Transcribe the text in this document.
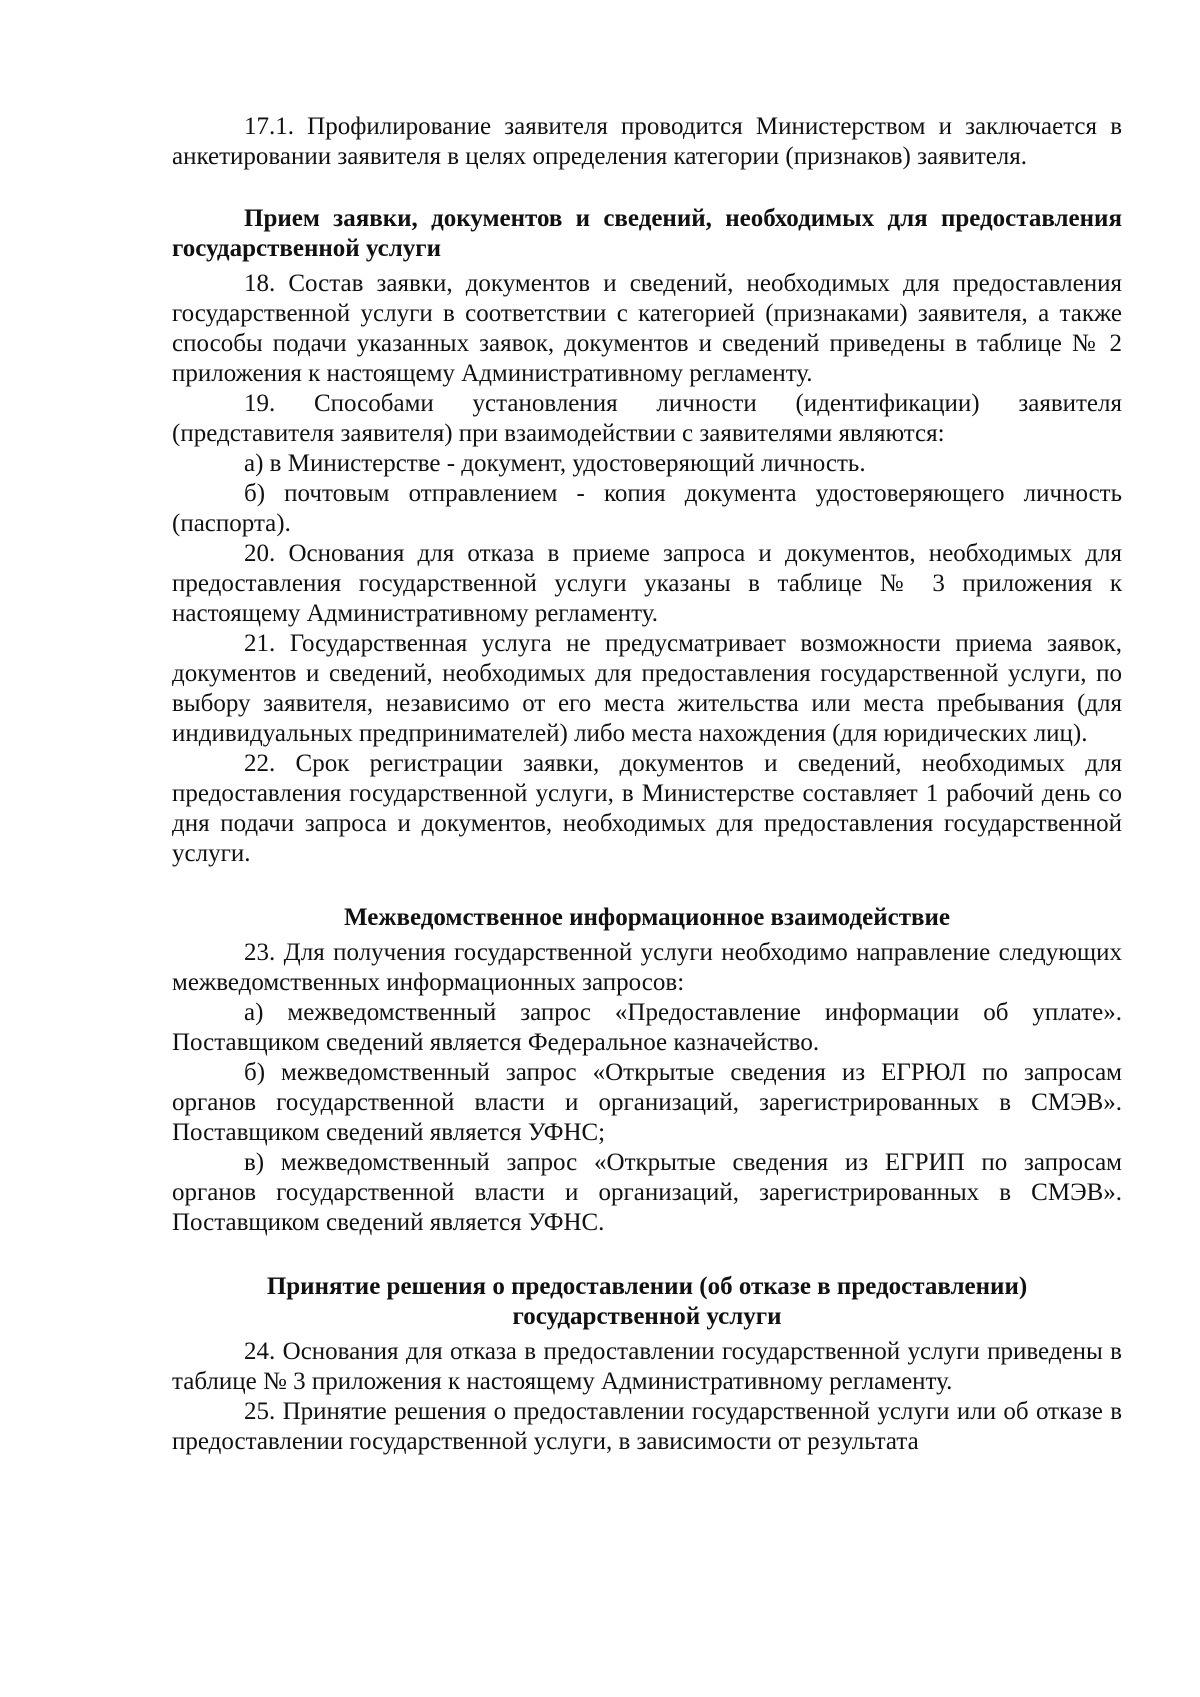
17.1. Профилирование заявителя проводится Министерством и заключается в анкетировании заявителя в целях определения категории (признаков) заявителя.

Прием заявки, документов и сведений, необходимых для предоставления государственной услуги

18. Состав заявки, документов и сведений, необходимых для предоставления государственной услуги в соответствии с категорией (признаками) заявителя, а также способы подачи указанных заявок, документов и сведений приведены в таблице № 2 приложения к настоящему Административному регламенту.

19. Способами установления личности (идентификации) заявителя (представителя заявителя) при взаимодействии с заявителями являются:

а) в Министерстве - документ, удостоверяющий личность.

б) почтовым отправлением - копия документа удостоверяющего личность (паспорта).

20. Основания для отказа в приеме запроса и документов, необходимых для предоставления государственной услуги указаны в таблице № 3 приложения к настоящему Административному регламенту.

21. Государственная услуга не предусматривает возможности приема заявок, документов и сведений, необходимых для предоставления государственной услуги, по выбору заявителя, независимо от его места жительства или места пребывания (для индивидуальных предпринимателей) либо места нахождения (для юридических лиц).

22. Срок регистрации заявки, документов и сведений, необходимых для предоставления государственной услуги, в Министерстве составляет 1 рабочий день со дня подачи запроса и документов, необходимых для предоставления государственной услуги.

Межведомственное информационное взаимодействие

23. Для получения государственной услуги необходимо направление следующих межведомственных информационных запросов:

а) межведомственный запрос «Предоставление информации об уплате». Поставщиком сведений является Федеральное казначейство.

б) межведомственный запрос «Открытые сведения из ЕГРЮЛ по запросам органов государственной власти и организаций, зарегистрированных в СМЭВ». Поставщиком сведений является УФНС;

в) межведомственный запрос «Открытые сведения из ЕГРИП по запросам органов государственной власти и организаций, зарегистрированных в СМЭВ». Поставщиком сведений является УФНС.

Принятие решения о предоставлении (об отказе в предоставлении)

государственной услуги

24. Основания для отказа в предоставлении государственной услуги приведены в таблице № 3 приложения к настоящему Административному регламенту.

25. Принятие решения о предоставлении государственной услуги или об отказе в предоставлении государственной услуги, в зависимости от результата
